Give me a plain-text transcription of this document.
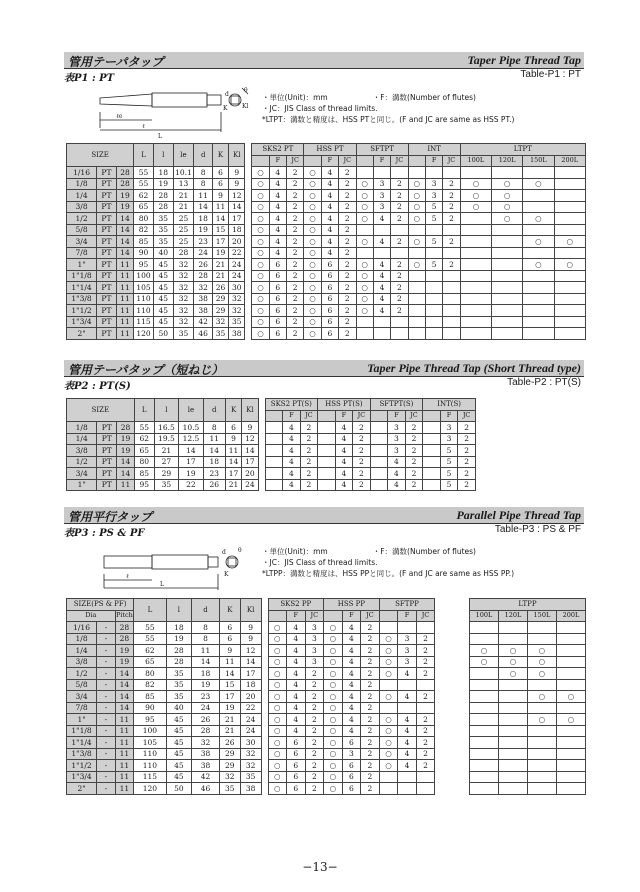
管用テーパタップ	Taper Pipe Thread Tap
表P1 : PT	Table-P1 : PT
ℓe
ℓ
L
d
K Kl
θ
・単位(Unit)：mm　　　　　　・F：溝数(Number of flutes)
・JC：JIS Class of thread limits.
*LTPT：溝数と精度は、HSS PTと同じ。(F and JC are same as HSS PT.)
SIZE			L	l	le	d	K	Kl		SKS2 PT			HSS PT			SFTPT			INT			LTPT			
											F	JC		F	JC		F	JC		F	JC	100L	120L	150L	200L
1/16	PT	28	55	18	10.1	8	6	9		○	4	2	○	4	2										
1/8	PT	28	55	19	13	8	6	9		○	4	2	○	4	2	○	3	2	○	3	2	○	○	○	
1/4	PT	19	62	28	21	11	9	12		○	4	2	○	4	2	○	3	2	○	3	2	○	○		
3/8	PT	19	65	28	21	14	11	14		○	4	2	○	4	2	○	3	2	○	5	2	○	○		
1/2	PT	14	80	35	25	18	14	17		○	4	2	○	4	2	○	4	2	○	5	2		○	○	
5/8	PT	14	82	35	25	19	15	18		○	4	2	○	4	2										
3/4	PT	14	85	35	25	23	17	20		○	4	2	○	4	2	○	4	2	○	5	2			○	○
7/8	PT	14	90	40	28	24	19	22		○	4	2	○	4	2										
1"	PT	11	95	45	32	26	21	24		○	6	2	○	6	2	○	4	2	○	5	2			○	○
1"1/8	PT	11	100	45	32	28	21	24		○	6	2	○	6	2	○	4	2							
1"1/4	PT	11	105	45	32	32	26	30		○	6	2	○	6	2	○	4	2							
1"3/8	PT	11	110	45	32	38	29	32		○	6	2	○	6	2	○	4	2							
1"1/2	PT	11	110	45	32	38	29	32		○	6	2	○	6	2	○	4	2							
1"3/4	PT	11	115	45	32	42	32	35		○	6	2	○	6	2										
2"	PT	11	120	50	35	46	35	38		○	6	2	○	6	2										
管用テーパタップ（短ねじ）	Taper Pipe Thread Tap (Short Thread type)
表P2 : PT(S)	Table-P2 : PT(S)
SIZE			L	l	le	d	K	Kl		SKS2 PT(S)			HSS PT(S)			SFTPT(S)			INT(S)		
											F	JC		F	JC		F	JC		F	JC
1/8	PT	28	55	16.5	10.5	8	6	9			4	2		4	2		3	2		3	2
1/4	PT	19	62	19.5	12.5	11	9	12			4	2		4	2		3	2		3	2
3/8	PT	19	65	21	14	14	11	14			4	2		4	2		3	2		5	2
1/2	PT	14	80	27	17	18	14	17			4	2		4	2		4	2		5	2
3/4	PT	14	85	29	19	23	17	20			4	2		4	2		4	2		5	2
1"	PT	11	95	35	22	26	21	24			4	2		4	2		4	2		5	2
管用平行タップ	Parallel Pipe Thread Tap
表P3 : PS & PF	Table-P3 : PS & PF
ℓ
L
d
K
θ	・単位(Unit)：mm　　　　　　・F：溝数(Number of flutes)
・JC：JIS Class of thread limits.
*LTPP：溝数と精度は、HSS PPと同じ。(F and JC are same as HSS PP.)
SIZE(PS & PF)			L	l	d	K	Kl		SKS2 PP			HSS PP			SFTPP				LTPP			
Dia		Pitch								F	JC		F	JC		F	JC		100L	120L	150L	200L
1/16	-	28	55	18	8	6	9		○	4	3	○	4	2								
1/8	-	28	55	19	8	6	9		○	4	3	○	4	2	○	3	2					
1/4	-	19	62	28	11	9	12		○	4	3	○	4	2	○	3	2		○	○	○	
3/8	-	19	65	28	14	11	14		○	4	3	○	4	2	○	3	2		○	○	○	
1/2	-	14	80	35	18	14	17		○	4	2	○	4	2	○	4	2			○	○	
5/8	-	14	82	35	19	15	18		○	4	2	○	4	2								
3/4	-	14	85	35	23	17	20		○	4	2	○	4	2	○	4	2				○	○
7/8	-	14	90	40	24	19	22		○	4	2	○	4	2								
1"	-	11	95	45	26	21	24		○	4	2	○	4	2	○	4	2				○	○
1"1/8	-	11	100	45	28	21	24		○	4	2	○	4	2	○	4	2					
1"1/4	-	11	105	45	32	26	30		○	6	2	○	6	2	○	4	2					
1"3/8	-	11	110	45	38	29	32		○	6	2	○	3	2	○	4	2					
1"1/2	-	11	110	45	38	29	32		○	6	2	○	6	2	○	4	2					
1"3/4	-	11	115	45	42	32	35		○	6	2	○	6	2								
2"	-	11	120	50	46	35	38		○	6	2	○	6	2								
−13−
